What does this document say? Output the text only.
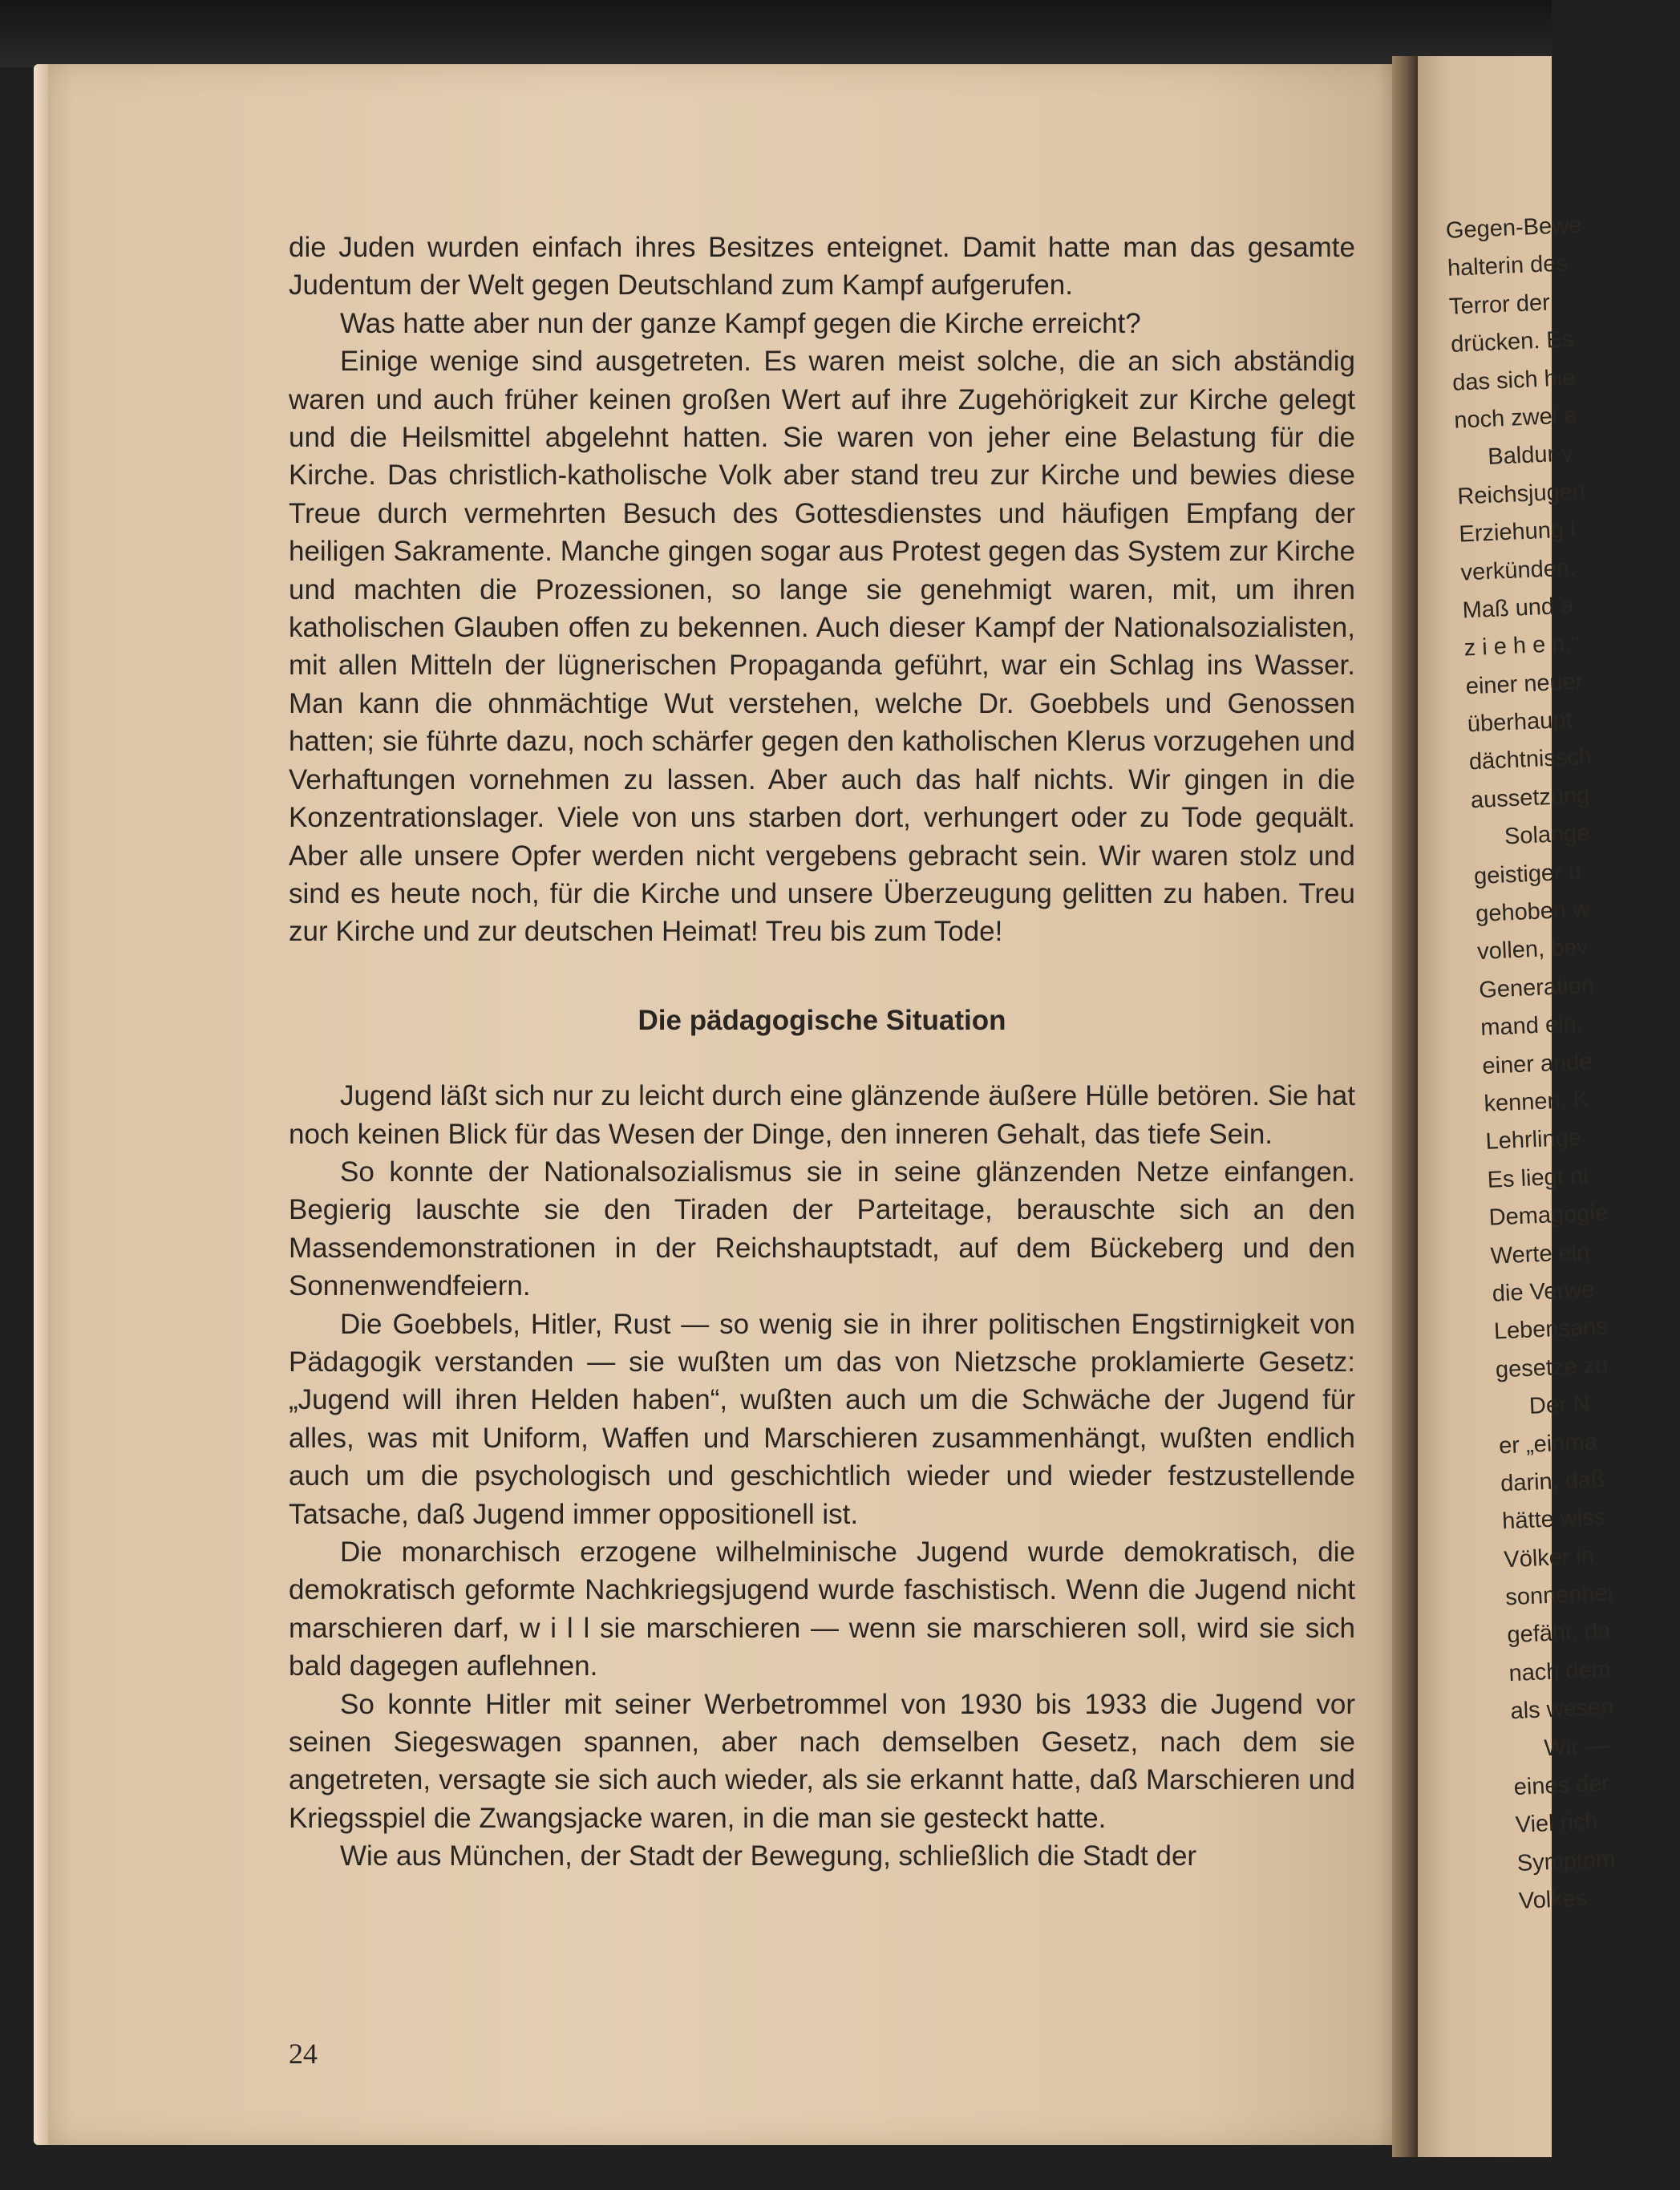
Gegen-Bewe
halterin des
Terror der
drücken. Es
das sich hie
noch zwei a
Baldur v
Reichsjugen
Erziehung i
verkünden.
Maß und a
z i e h e n.“
einer neuer
überhaupt
dächtnissch
aussetzung
Solange
geistiger u
gehoben w
vollen, bev
Generation
mand ein,
einer ande
kennen. K
Lehrlinge
Es liegt ni
Demagogie
Werte ein
die Verwe
Lebensans
gesetze zu
Der N
er „einma
darin, daß
hätte wiss
Völker in
sonnenhei
gefähr, da
nach dem
als wesen
Wir —
eines der
Viel rich
Symptom
Volkes,

die Juden wurden einfach ihres Besitzes enteignet. Damit hatte man das gesamte Judentum der Welt gegen Deutschland zum Kampf aufgerufen.

Was hatte aber nun der ganze Kampf gegen die Kirche erreicht?

Einige wenige sind ausgetreten. Es waren meist solche, die an sich abständig waren und auch früher keinen großen Wert auf ihre Zugehörigkeit zur Kirche gelegt und die Heilsmittel abgelehnt hatten. Sie waren von jeher eine Belastung für die Kirche. Das christlich-katholische Volk aber stand treu zur Kirche und bewies diese Treue durch vermehrten Besuch des Gottesdienstes und häufigen Empfang der heiligen Sakramente. Manche gingen sogar aus Protest gegen das System zur Kirche und machten die Prozessionen, so lange sie genehmigt waren, mit, um ihren katholischen Glauben offen zu bekennen. Auch dieser Kampf der Nationalsozialisten, mit allen Mitteln der lügnerischen Propaganda geführt, war ein Schlag ins Wasser. Man kann die ohnmächtige Wut verstehen, welche Dr. Goebbels und Genossen hatten; sie führte dazu, noch schärfer gegen den katholischen Klerus vorzugehen und Verhaftungen vornehmen zu lassen. Aber auch das half nichts. Wir gingen in die Konzentrationslager. Viele von uns starben dort, verhungert oder zu Tode gequält. Aber alle unsere Opfer werden nicht vergebens gebracht sein. Wir waren stolz und sind es heute noch, für die Kirche und unsere Überzeugung gelitten zu haben. Treu zur Kirche und zur deutschen Heimat! Treu bis zum Tode!

Die pädagogische Situation

Jugend läßt sich nur zu leicht durch eine glänzende äußere Hülle betören. Sie hat noch keinen Blick für das Wesen der Dinge, den inneren Gehalt, das tiefe Sein.

So konnte der Nationalsozialismus sie in seine glänzenden Netze einfangen. Begierig lauschte sie den Tiraden der Parteitage, berauschte sich an den Massendemonstrationen in der Reichshauptstadt, auf dem Bückeberg und den Sonnenwendfeiern.

Die Goebbels, Hitler, Rust — so wenig sie in ihrer politischen Engstirnigkeit von Pädagogik verstanden — sie wußten um das von Nietzsche proklamierte Gesetz: „Jugend will ihren Helden haben“, wußten auch um die Schwäche der Jugend für alles, was mit Uniform, Waffen und Marschieren zusammenhängt, wußten endlich auch um die psychologisch und geschichtlich wieder und wieder festzustellende Tatsache, daß Jugend immer oppositionell ist.

Die monarchisch erzogene wilhelminische Jugend wurde demokratisch, die demokratisch geformte Nachkriegsjugend wurde faschistisch. Wenn die Jugend nicht marschieren darf, w i l l sie marschieren — wenn sie marschieren soll, wird sie sich bald dagegen auflehnen.

So konnte Hitler mit seiner Werbetrommel von 1930 bis 1933 die Jugend vor seinen Siegeswagen spannen, aber nach demselben Gesetz, nach dem sie angetreten, versagte sie sich auch wieder, als sie erkannt hatte, daß Marschieren und Kriegsspiel die Zwangsjacke waren, in die man sie gesteckt hatte.

Wie aus München, der Stadt der Bewegung, schließlich die Stadt der

24
